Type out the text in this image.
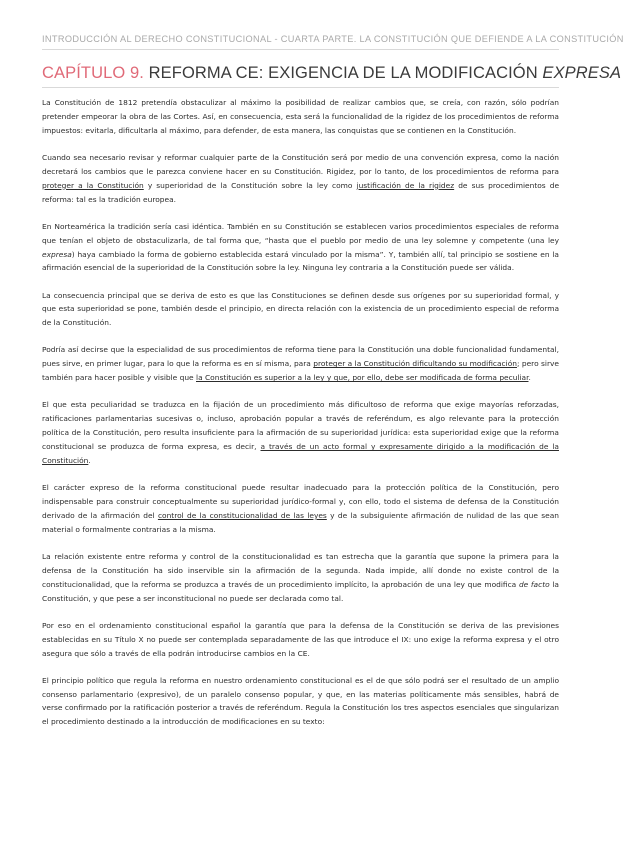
INTRODUCCIÓN AL DERECHO CONSTITUCIONAL - CUARTA PARTE. LA CONSTITUCIÓN QUE DEFIENDE A LA CONSTITUCIÓN
CAPÍTULO 9. REFORMA CE: EXIGENCIA DE LA MODIFICACIÓN EXPRESA

La Constitución de 1812 pretendía obstaculizar al máximo la posibilidad de realizar cambios que, se creía, con razón, sólo podrían pretender empeorar la obra de las Cortes. Así, en consecuencia, esta será la funcionalidad de la rigidez de los procedimientos de reforma impuestos: evitarla, dificultarla al máximo, para defender, de esta manera, las conquistas que se contienen en la Constitución.

Cuando sea necesario revisar y reformar cualquier parte de la Constitución será por medio de una convención expresa, como la nación decretará los cambios que le parezca conviene hacer en su Constitución. Rigidez, por lo tanto, de los procedimientos de reforma para proteger a la Constitución y superioridad de la Constitución sobre la ley como justificación de la rigidez de sus procedimientos de reforma: tal es la tradición europea.

En Norteamérica la tradición sería casi idéntica. También en su Constitución se establecen varios procedimientos especiales de reforma que tenían el objeto de obstaculizarla, de tal forma que, “hasta que el pueblo por medio de una ley solemne y competente (una ley expresa) haya cambiado la forma de gobierno establecida estará vinculado por la misma”. Y, también allí, tal principio se sostiene en la afirmación esencial de la superioridad de la Constitución sobre la ley. Ninguna ley contraria a la Constitución puede ser válida.

La consecuencia principal que se deriva de esto es que las Constituciones se definen desde sus orígenes por su superioridad formal, y que esta superioridad se pone, también desde el principio, en directa relación con la existencia de un procedimiento especial de reforma de la Constitución.

Podría así decirse que la especialidad de sus procedimientos de reforma tiene para la Constitución una doble funcionalidad fundamental, pues sirve, en primer lugar, para lo que la reforma es en sí misma, para proteger a la Constitución dificultando su modificación; pero sirve también para hacer posible y visible que la Constitución es superior a la ley y que, por ello, debe ser modificada de forma peculiar.

El que esta peculiaridad se traduzca en la fijación de un procedimiento más dificultoso de reforma que exige mayorías reforzadas, ratificaciones parlamentarias sucesivas o, incluso, aprobación popular a través de referéndum, es algo relevante para la protección política de la Constitución, pero resulta insuficiente para la afirmación de su superioridad jurídica: esta superioridad exige que la reforma constitucional se produzca de forma expresa, es decir, a través de un acto formal y expresamente dirigido a la modificación de la Constitución.

El carácter expreso de la reforma constitucional puede resultar inadecuado para la protección política de la Constitución, pero indispensable para construir conceptualmente su superioridad jurídico-formal y, con ello, todo el sistema de defensa de la Constitución derivado de la afirmación del control de la constitucionalidad de las leyes y de la subsiguiente afirmación de nulidad de las que sean material o formalmente contrarias a la misma.

La relación existente entre reforma y control de la constitucionalidad es tan estrecha que la garantía que supone la primera para la defensa de la Constitución ha sido inservible sin la afirmación de la segunda. Nada impide, allí donde no existe control de la constitucionalidad, que la reforma se produzca a través de un procedimiento implícito, la aprobación de una ley que modifica de facto la Constitución, y que pese a ser inconstitucional no puede ser declarada como tal.

Por eso en el ordenamiento constitucional español la garantía que para la defensa de la Constitución se deriva de las previsiones establecidas en su Título X no puede ser contemplada separadamente de las que introduce el IX: uno exige la reforma expresa y el otro asegura que sólo a través de ella podrán introducirse cambios en la CE.

El principio político que regula la reforma en nuestro ordenamiento constitucional es el de que sólo podrá ser el resultado de un amplio consenso parlamentario (expresivo), de un paralelo consenso popular, y que, en las materias políticamente más sensibles, habrá de verse confirmado por la ratificación posterior a través de referéndum. Regula la Constitución los tres aspectos esenciales que singularizan el procedimiento destinado a la introducción de modificaciones en su texto:
